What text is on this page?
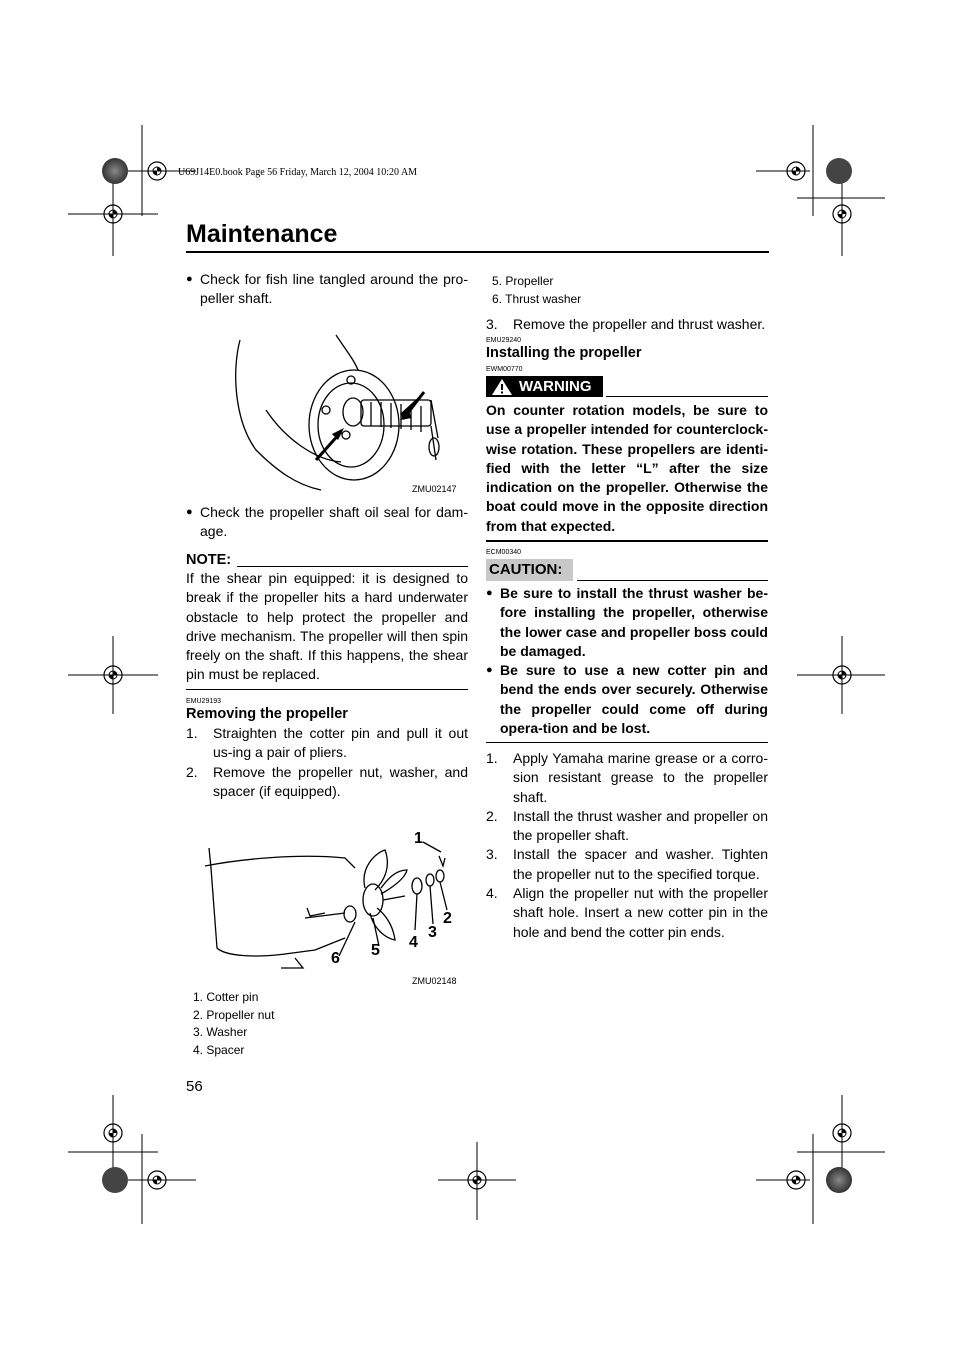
U69J14E0.book Page 56 Friday, March 12, 2004 10:20 AM
Maintenance
● Check for fish line tangled around the pro-peller shaft.
ZMU02147
● Check the propeller shaft oil seal for dam-age.
NOTE:
If the shear pin equipped: it is designed to break if the propeller hits a hard underwater obstacle to help protect the propeller and drive mechanism. The propeller will then spin freely on the shaft. If this happens, the shear pin must be replaced.
EMU29193
Removing the propeller
1. Straighten the cotter pin and pull it out us-ing a pair of pliers.
2. Remove the propeller nut, washer, and spacer (if equipped).
1
2
3
4
5
6
ZMU02148
1. Cotter pin
2. Propeller nut
3. Washer
4. Spacer
56
5. Propeller
6. Thrust washer
3. Remove the propeller and thrust washer.
EMU29240
Installing the propeller
EWM00770
WARNING
On counter rotation models, be sure to use a propeller intended for counterclock-wise rotation. These propellers are identi-fied with the letter “L” after the size indication on the propeller. Otherwise the boat could move in the opposite direction from that expected.
ECM00340
CAUTION:
● Be sure to install the thrust washer be-fore installing the propeller, otherwise the lower case and propeller boss could be damaged.
● Be sure to use a new cotter pin and bend the ends over securely. Otherwise the propeller could come off during opera-tion and be lost.
1. Apply Yamaha marine grease or a corro-sion resistant grease to the propeller shaft.
2. Install the thrust washer and propeller on the propeller shaft.
3. Install the spacer and washer. Tighten the propeller nut to the specified torque.
4. Align the propeller nut with the propeller shaft hole. Insert a new cotter pin in the hole and bend the cotter pin ends.
